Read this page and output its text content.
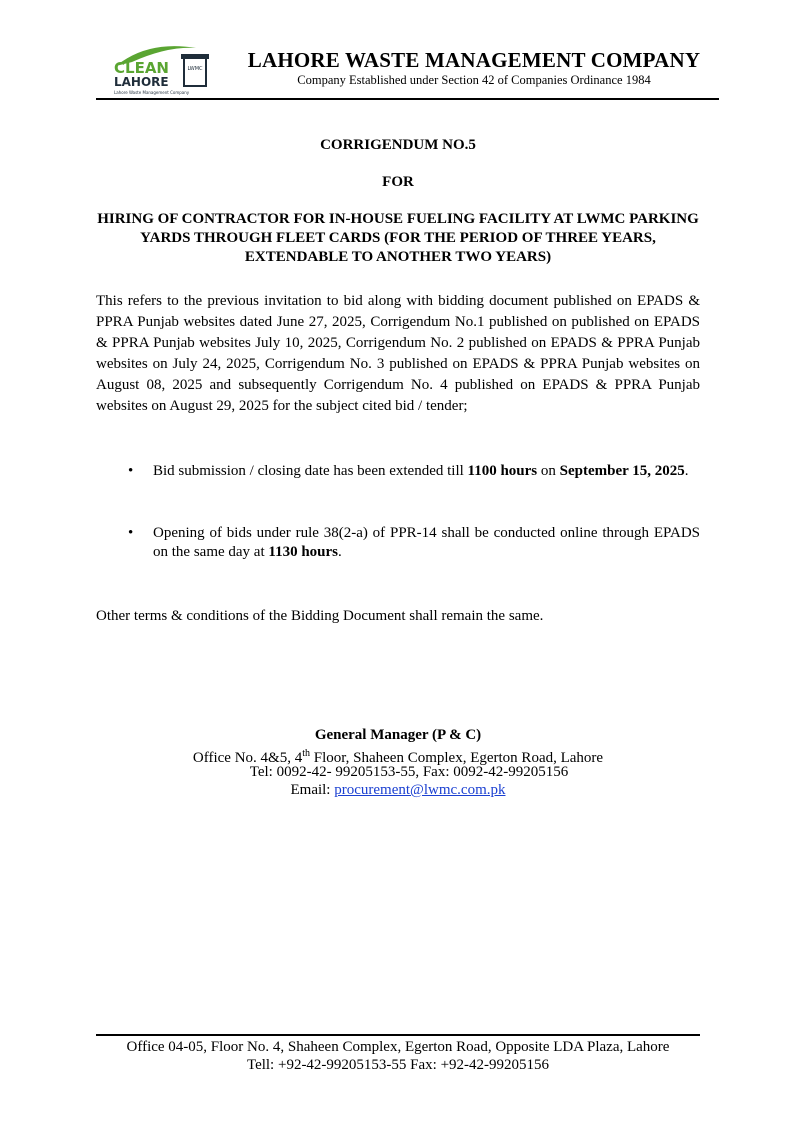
CLEAN
LAHORE
LWMC
Lahore Waste Management Company
LAHORE WASTE MANAGEMENT COMPANY
Company Established under Section 42 of Companies Ordinance 1984
CORRIGENDUM NO.5
FOR
HIRING OF CONTRACTOR FOR IN-HOUSE FUELING FACILITY AT LWMC PARKING YARDS THROUGH FLEET CARDS (FOR THE PERIOD OF THREE YEARS, EXTENDABLE TO ANOTHER TWO YEARS)
This refers to the previous invitation to bid along with bidding document published on EPADS & PPRA Punjab websites dated June 27, 2025, Corrigendum No.1 published on published on EPADS & PPRA Punjab websites July 10, 2025, Corrigendum No. 2 published on EPADS & PPRA Punjab websites on July 24, 2025, Corrigendum No. 3 published on EPADS & PPRA Punjab websites on August 08, 2025 and subsequently Corrigendum No. 4 published on EPADS & PPRA Punjab websites on August 29, 2025 for the subject cited bid / tender;
• Bid submission / closing date has been extended till 1100 hours on September 15, 2025.
• Opening of bids under rule 38(2-a) of PPR-14 shall be conducted online through EPADS on the same day at 1130 hours.
Other terms & conditions of the Bidding Document shall remain the same.
General Manager (P & C)
Office No. 4&5, 4th Floor, Shaheen Complex, Egerton Road, Lahore
Tel: 0092-42- 99205153-55, Fax: 0092-42-99205156
Email: procurement@lwmc.com.pk
Office 04-05, Floor No. 4, Shaheen Complex, Egerton Road, Opposite LDA Plaza, Lahore
Tell: +92-42-99205153-55 Fax: +92-42-99205156
